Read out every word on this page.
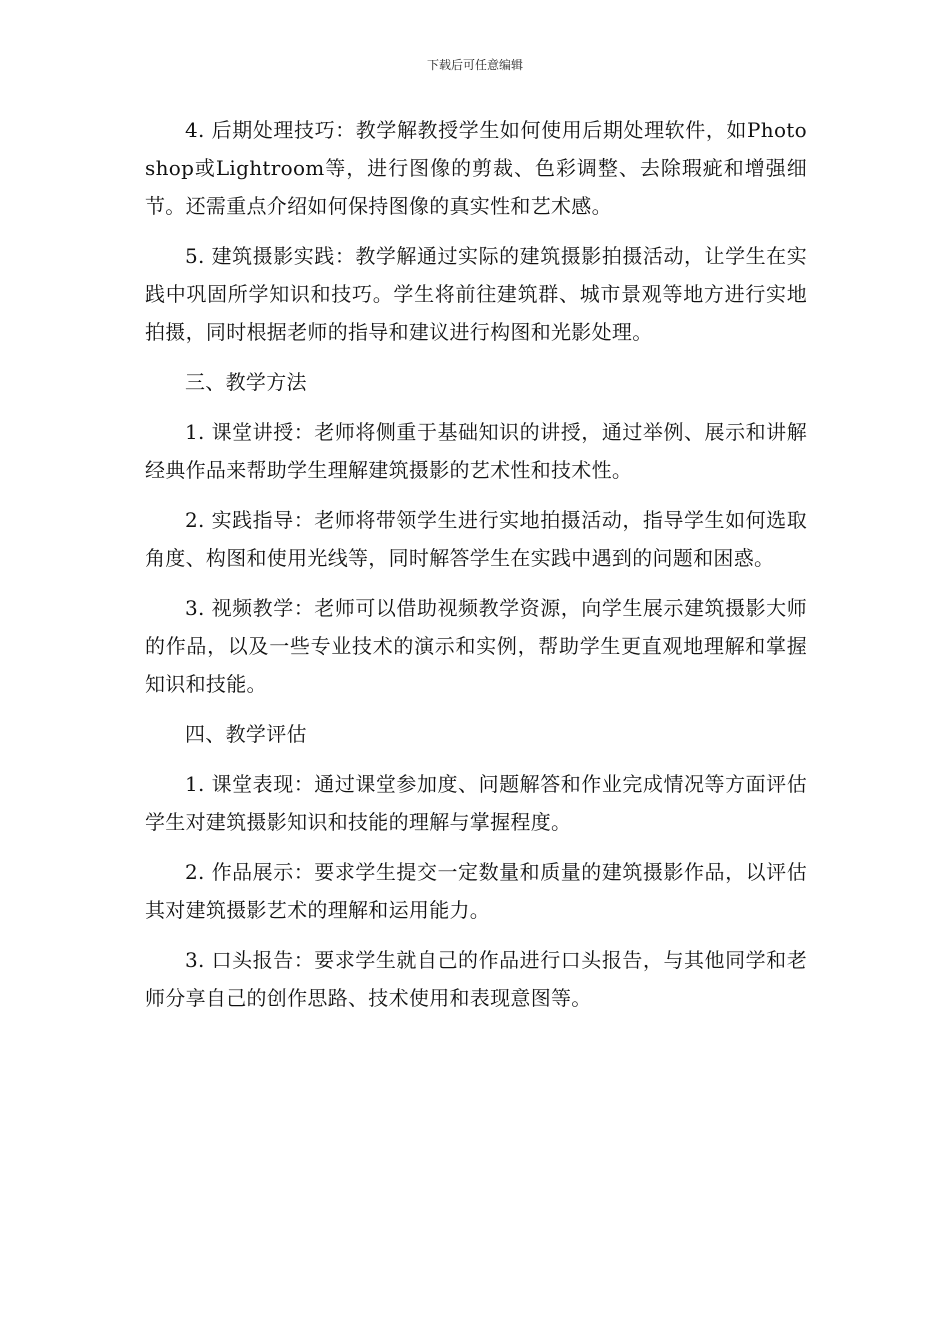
下载后可任意编辑

4. 后期处理技巧：教学解教授学生如何使用后期处理软件，如Photoshop或Lightroom等，进行图像的剪裁、色彩调整、去除瑕疵和增强细节。还需重点介绍如何保持图像的真实性和艺术感。

5. 建筑摄影实践：教学解通过实际的建筑摄影拍摄活动，让学生在实践中巩固所学知识和技巧。学生将前往建筑群、城市景观等地方进行实地拍摄，同时根据老师的指导和建议进行构图和光影处理。

三、教学方法

1. 课堂讲授：老师将侧重于基础知识的讲授，通过举例、展示和讲解经典作品来帮助学生理解建筑摄影的艺术性和技术性。

2. 实践指导：老师将带领学生进行实地拍摄活动，指导学生如何选取角度、构图和使用光线等，同时解答学生在实践中遇到的问题和困惑。

3. 视频教学：老师可以借助视频教学资源，向学生展示建筑摄影大师的作品，以及一些专业技术的演示和实例，帮助学生更直观地理解和掌握知识和技能。

四、教学评估

1. 课堂表现：通过课堂参加度、问题解答和作业完成情况等方面评估学生对建筑摄影知识和技能的理解与掌握程度。

2. 作品展示：要求学生提交一定数量和质量的建筑摄影作品，以评估其对建筑摄影艺术的理解和运用能力。

3. 口头报告：要求学生就自己的作品进行口头报告，与其他同学和老师分享自己的创作思路、技术使用和表现意图等。
